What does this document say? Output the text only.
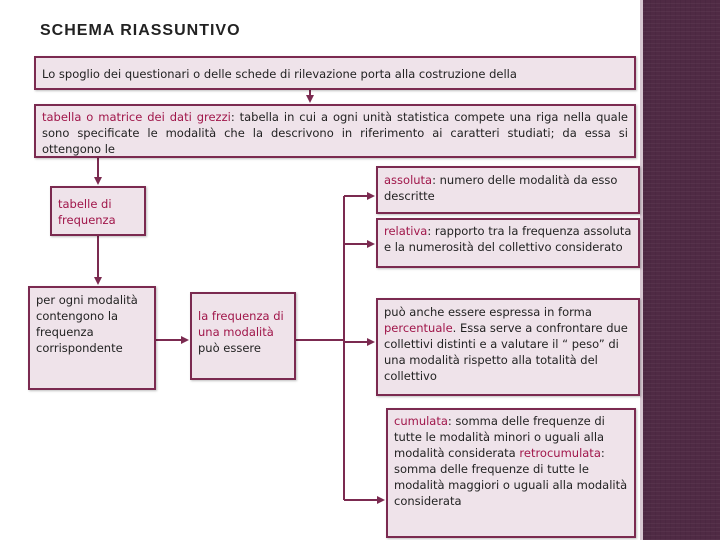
SCHEMA RIASSUNTIVO
Lo spoglio dei questionari o delle schede di rilevazione porta alla costruzione della
tabella o matrice dei dati grezzi: tabella in cui a ogni unità statistica compete una riga nella quale sono specificate le modalità che la descrivono in riferimento ai caratteri studiati; da essa si ottengono le
tabelle di frequenza
assoluta: numero delle modalità da esso descritte
relativa: rapporto tra la frequenza assoluta e la numerosità del collettivo considerato
per ogni modalità contengono la frequenza corrispondente
la frequenza di una modalità può essere
può anche essere espressa in forma percentuale. Essa serve a confrontare due collettivi distinti e a valutare il “ peso” di una modalità rispetto alla totalità del collettivo
cumulata: somma delle frequenze di tutte le modalità minori o uguali alla modalità considerata retrocumulata: somma delle frequenze di tutte le modalità maggiori o uguali alla modalità considerata
